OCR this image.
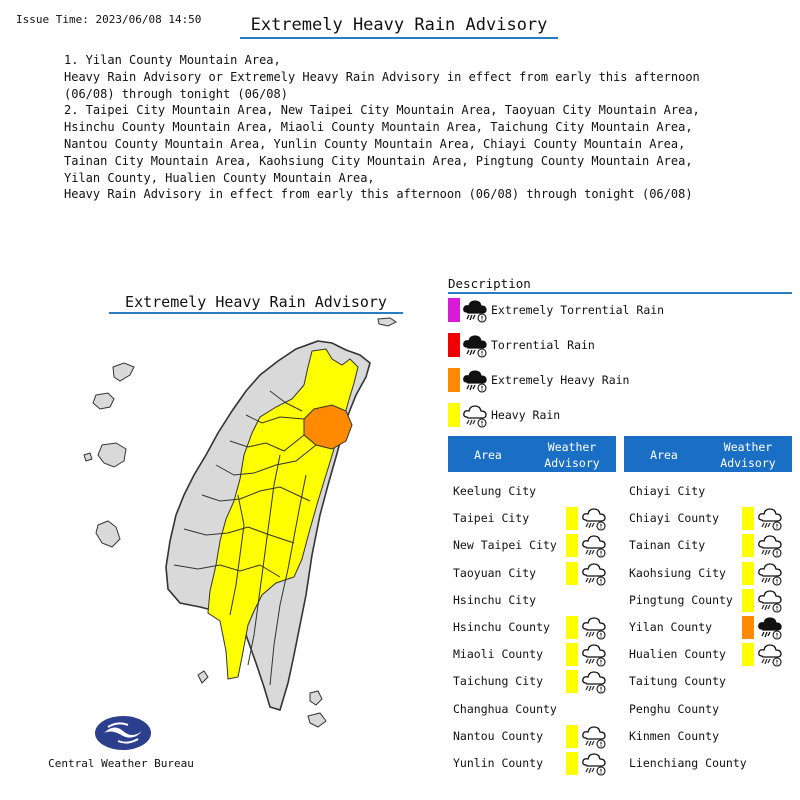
Issue Time: 2023/06/08 14:50	Extremely Heavy Rain Advisory
1. Yilan County Mountain Area,
Heavy Rain Advisory or Extremely Heavy Rain Advisory in effect from early this afternoon
(06/08) through tonight (06/08)
2. Taipei City Mountain Area, New Taipei City Mountain Area, Taoyuan City Mountain Area,
Hsinchu County Mountain Area, Miaoli County Mountain Area, Taichung City Mountain Area,
Nantou County Mountain Area, Yunlin County Mountain Area, Chiayi County Mountain Area,
Tainan City Mountain Area, Kaohsiung City Mountain Area, Pingtung County Mountain Area,
Yilan County, Hualien County Mountain Area,
Heavy Rain Advisory in effect from early this afternoon (06/08) through tonight (06/08)
Extremely Heavy Rain Advisory
Central Weather Bureau
Description
Extremely Torrential Rain
Torrential Rain
Extremely Heavy Rain
Heavy Rain
Area
Weather
Advisory
Area
Weather
Advisory
Keelung City
Taipei City
New Taipei City
Taoyuan City
Hsinchu City
Hsinchu County
Miaoli County
Taichung City
Changhua County
Nantou County
Yunlin County
Chiayi City
Chiayi County
Tainan City
Kaohsiung City
Pingtung County
Yilan County
Hualien County
Taitung County
Penghu County
Kinmen County
Lienchiang County
